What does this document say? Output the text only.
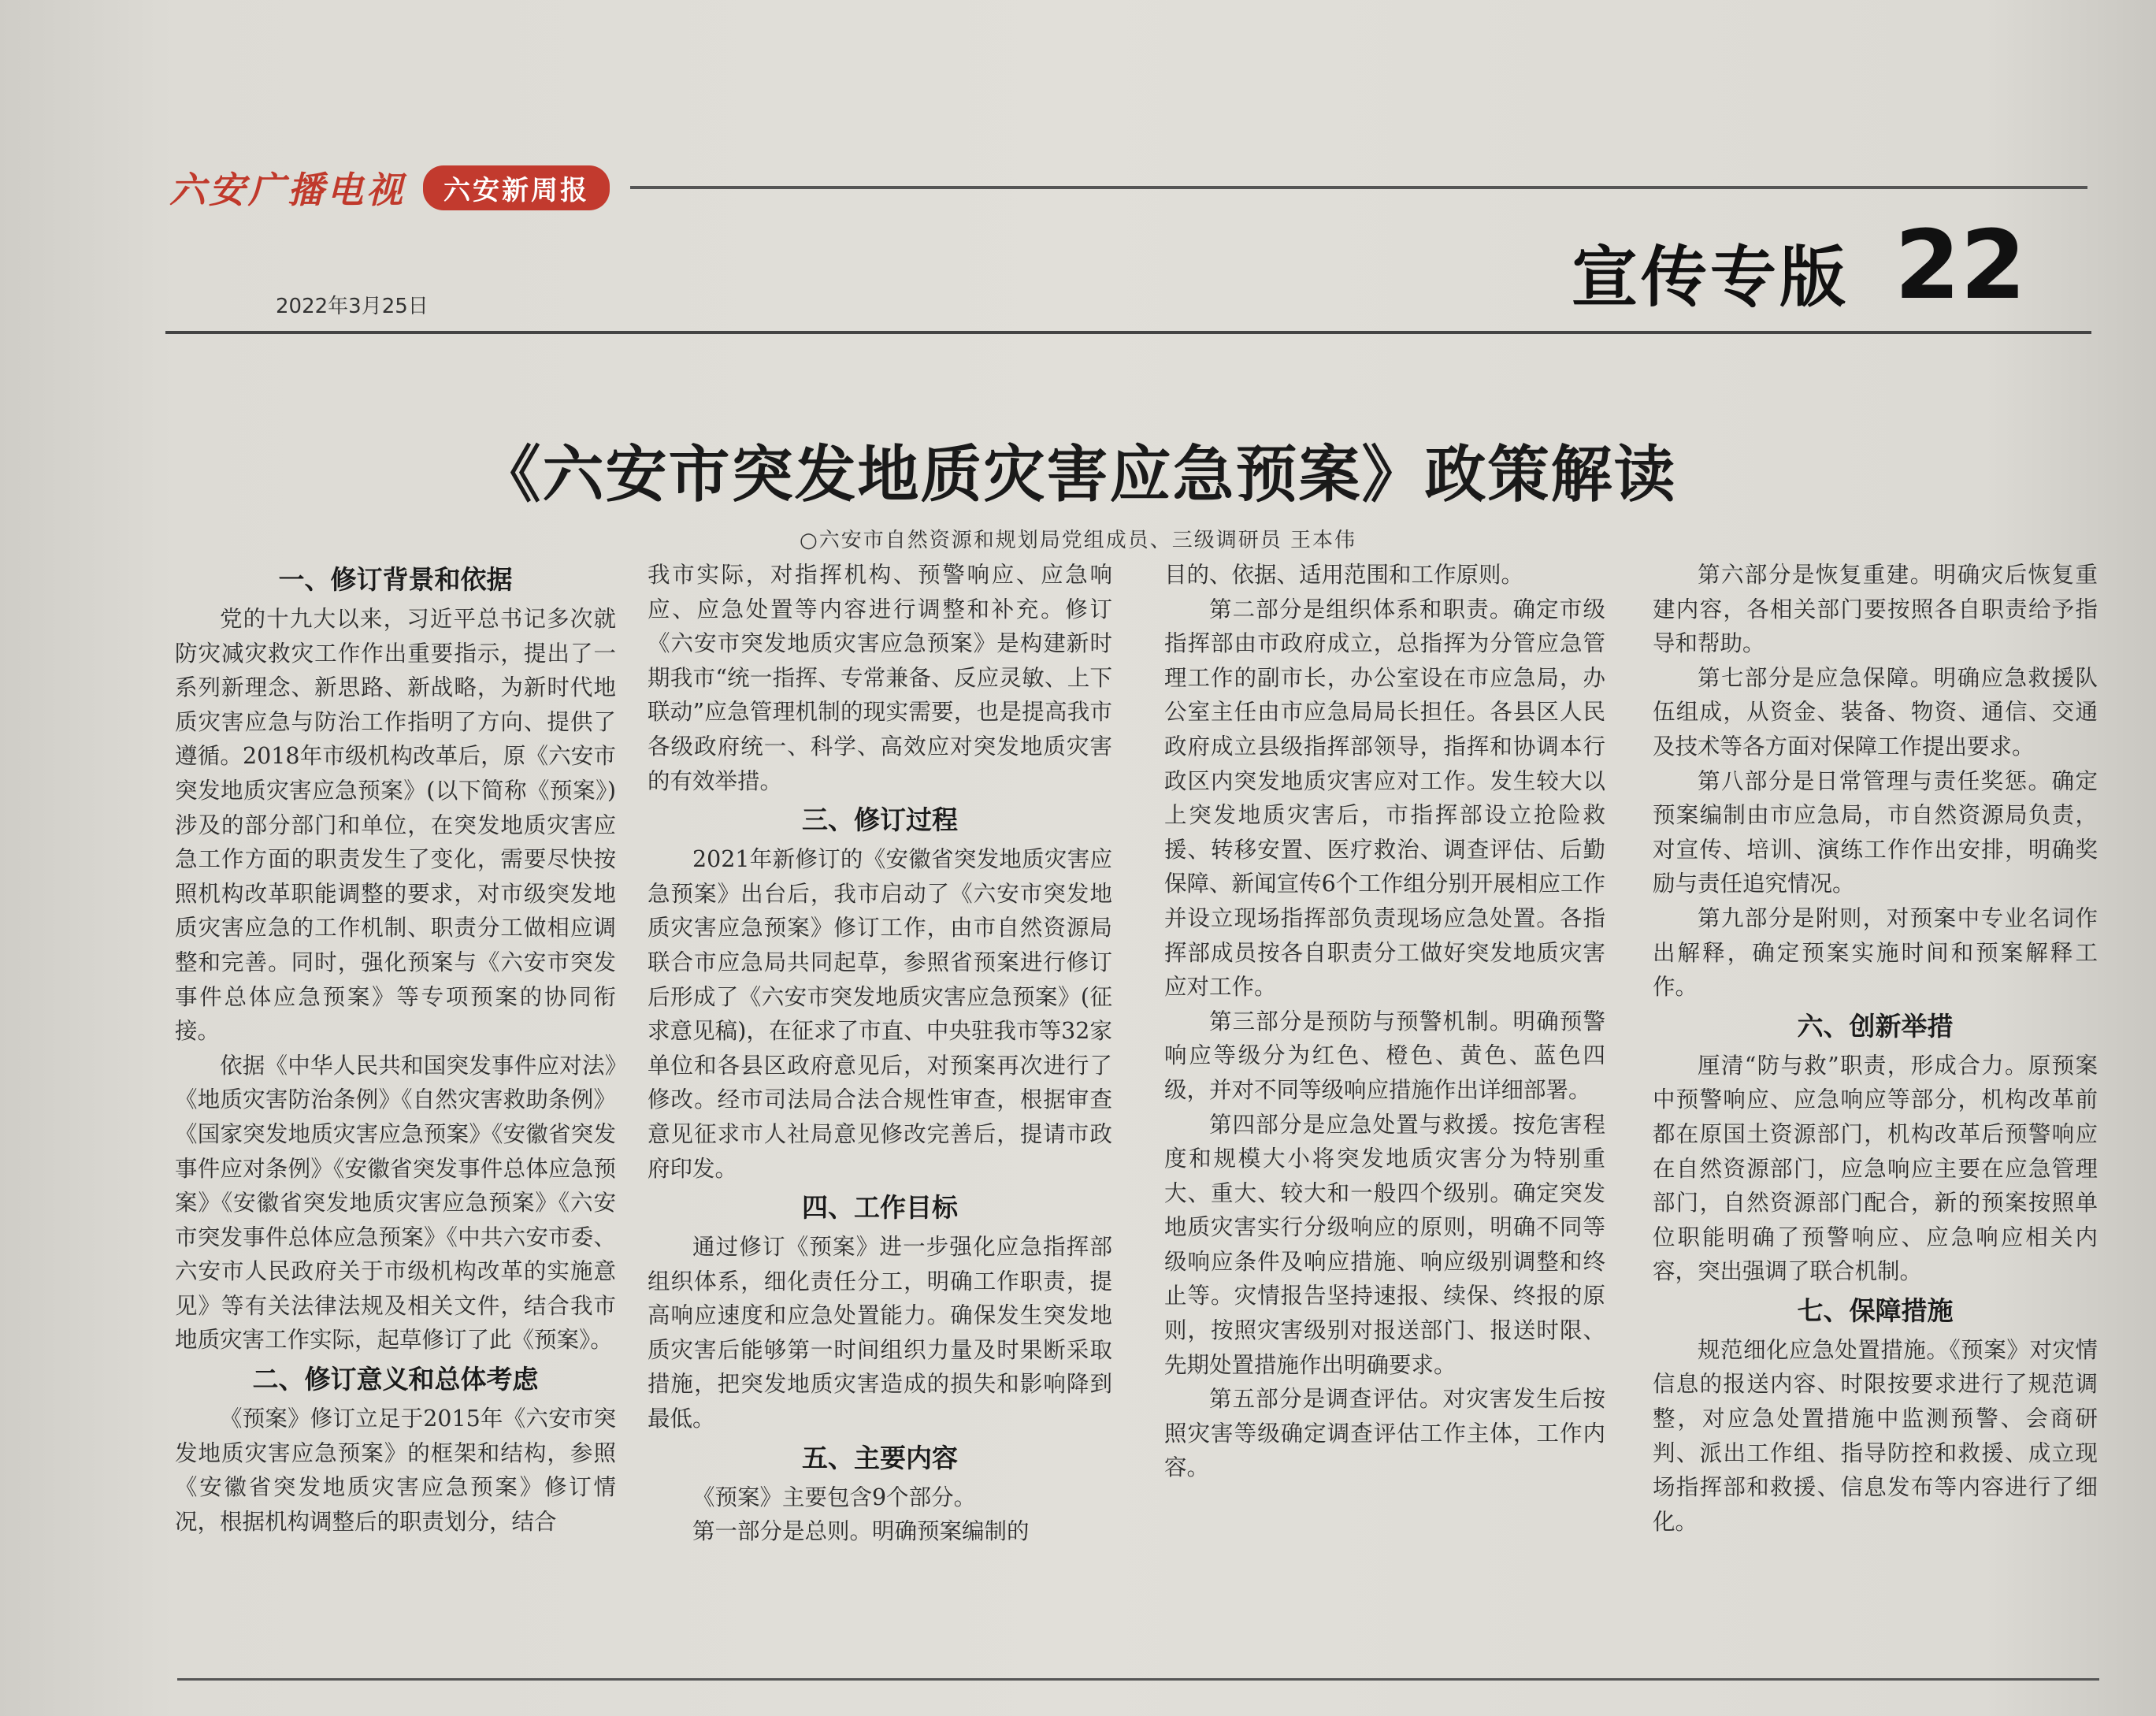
六安广播电视	六安新周报
2022年3月25日	宣传专版 22
《六安市突发地质灾害应急预案》政策解读
○六安市自然资源和规划局党组成员、三级调研员 王本伟
一、修订背景和依据

党的十九大以来，习近平总书记多次就防灾减灾救灾工作作出重要指示，提出了一系列新理念、新思路、新战略，为新时代地质灾害应急与防治工作指明了方向、提供了遵循。2018年市级机构改革后，原《六安市突发地质灾害应急预案》(以下简称《预案》)涉及的部分部门和单位，在突发地质灾害应急工作方面的职责发生了变化，需要尽快按照机构改革职能调整的要求，对市级突发地质灾害应急的工作机制、职责分工做相应调整和完善。同时，强化预案与《六安市突发事件总体应急预案》等专项预案的协同衔接。

依据《中华人民共和国突发事件应对法》《地质灾害防治条例》《自然灾害救助条例》《国家突发地质灾害应急预案》《安徽省突发事件应对条例》《安徽省突发事件总体应急预案》《安徽省突发地质灾害应急预案》《六安市突发事件总体应急预案》《中共六安市委、六安市人民政府关于市级机构改革的实施意见》等有关法律法规及相关文件，结合我市地质灾害工作实际，起草修订了此《预案》。

二、修订意义和总体考虑

《预案》修订立足于2015年《六安市突发地质灾害应急预案》的框架和结构，参照《安徽省突发地质灾害应急预案》修订情况，根据机构调整后的职责划分，结合

我市实际，对指挥机构、预警响应、应急响应、应急处置等内容进行调整和补充。修订《六安市突发地质灾害应急预案》是构建新时期我市“统一指挥、专常兼备、反应灵敏、上下联动”应急管理机制的现实需要，也是提高我市各级政府统一、科学、高效应对突发地质灾害的有效举措。

三、修订过程

2021年新修订的《安徽省突发地质灾害应急预案》出台后，我市启动了《六安市突发地质灾害应急预案》修订工作，由市自然资源局联合市应急局共同起草，参照省预案进行修订后形成了《六安市突发地质灾害应急预案》(征求意见稿)，在征求了市直、中央驻我市等32家单位和各县区政府意见后，对预案再次进行了修改。经市司法局合法合规性审查，根据审查意见征求市人社局意见修改完善后，提请市政府印发。

四、工作目标

通过修订《预案》进一步强化应急指挥部组织体系，细化责任分工，明确工作职责，提高响应速度和应急处置能力。确保发生突发地质灾害后能够第一时间组织力量及时果断采取措施，把突发地质灾害造成的损失和影响降到最低。

五、主要内容

《预案》主要包含9个部分。

第一部分是总则。明确预案编制的

目的、依据、适用范围和工作原则。

第二部分是组织体系和职责。确定市级指挥部由市政府成立，总指挥为分管应急管理工作的副市长，办公室设在市应急局，办公室主任由市应急局局长担任。各县区人民政府成立县级指挥部领导，指挥和协调本行政区内突发地质灾害应对工作。发生较大以上突发地质灾害后，市指挥部设立抢险救援、转移安置、医疗救治、调查评估、后勤保障、新闻宣传6个工作组分别开展相应工作并设立现场指挥部负责现场应急处置。各指挥部成员按各自职责分工做好突发地质灾害应对工作。

第三部分是预防与预警机制。明确预警响应等级分为红色、橙色、黄色、蓝色四级，并对不同等级响应措施作出详细部署。

第四部分是应急处置与救援。按危害程度和规模大小将突发地质灾害分为特别重大、重大、较大和一般四个级别。确定突发地质灾害实行分级响应的原则，明确不同等级响应条件及响应措施、响应级别调整和终止等。灾情报告坚持速报、续保、终报的原则，按照灾害级别对报送部门、报送时限、先期处置措施作出明确要求。

第五部分是调查评估。对灾害发生后按照灾害等级确定调查评估工作主体，工作内容。

第六部分是恢复重建。明确灾后恢复重建内容，各相关部门要按照各自职责给予指导和帮助。

第七部分是应急保障。明确应急救援队伍组成，从资金、装备、物资、通信、交通及技术等各方面对保障工作提出要求。

第八部分是日常管理与责任奖惩。确定预案编制由市应急局，市自然资源局负责，对宣传、培训、演练工作作出安排，明确奖励与责任追究情况。

第九部分是附则，对预案中专业名词作出解释，确定预案实施时间和预案解释工作。

六、创新举措

厘清“防与救”职责，形成合力。原预案中预警响应、应急响应等部分，机构改革前都在原国土资源部门，机构改革后预警响应在自然资源部门，应急响应主要在应急管理部门，自然资源部门配合，新的预案按照单位职能明确了预警响应、应急响应相关内容，突出强调了联合机制。

七、保障措施

规范细化应急处置措施。《预案》对灾情信息的报送内容、时限按要求进行了规范调整，对应急处置措施中监测预警、会商研判、派出工作组、指导防控和救援、成立现场指挥部和救援、信息发布等内容进行了细化。
